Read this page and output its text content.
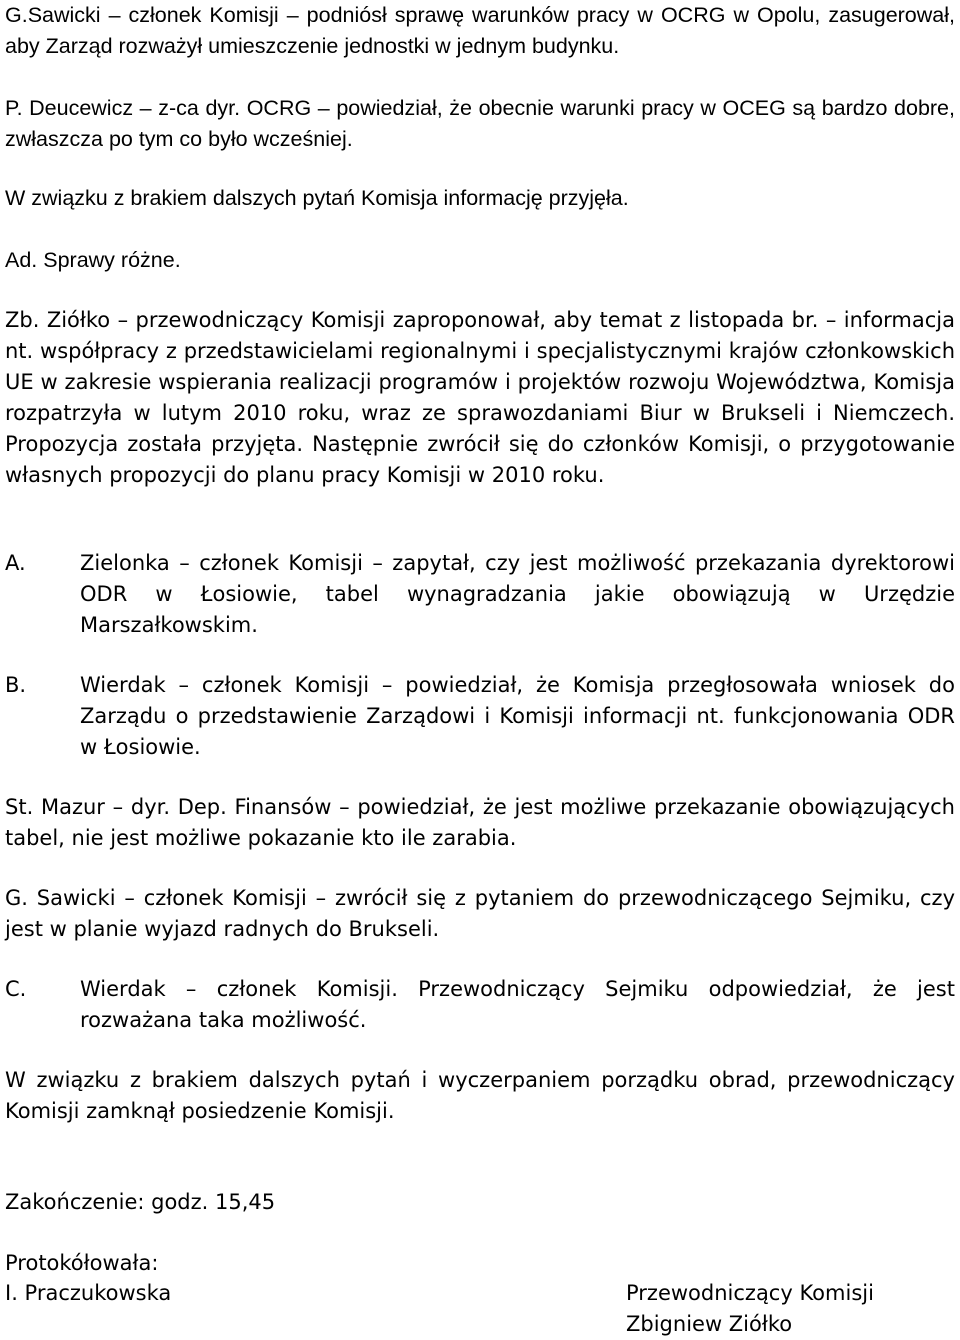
G.Sawicki – członek Komisji – podniósł sprawę warunków pracy w OCRG w Opolu, zasugerował, aby Zarząd rozważył umieszczenie jednostki w jednym budynku.

P. Deucewicz – z-ca dyr. OCRG – powiedział, że obecnie warunki pracy w OCEG są bardzo dobre, zwłaszcza po tym co było wcześniej.

W związku z brakiem dalszych pytań Komisja informację przyjęła.

Ad. Sprawy różne.

Zb. Ziółko – przewodniczący Komisji zaproponował, aby temat z listopada br. – informacja nt. współpracy z przedstawicielami regionalnymi i specjalistycznymi krajów członkowskich UE w zakresie wspierania realizacji programów i projektów rozwoju Województwa, Komisja rozpatrzyła w lutym 2010 roku, wraz ze sprawozdaniami Biur w Brukseli i Niemczech. Propozycja została przyjęta. Następnie zwrócił się do członków Komisji, o przygotowanie własnych propozycji do planu pracy Komisji w 2010 roku.

A.	Zielonka – członek Komisji – zapytał, czy jest możliwość przekazania dyrektorowi ODR w Łosiowie, tabel wynagradzania jakie obowiązują w Urzędzie Marszałkowskim.

B.	Wierdak – członek Komisji – powiedział, że Komisja przegłosowała wniosek do Zarządu o przedstawienie Zarządowi i Komisji informacji nt. funkcjonowania ODR w Łosiowie.

St. Mazur – dyr. Dep. Finansów – powiedział, że jest możliwe przekazanie obowiązujących tabel, nie jest możliwe pokazanie kto ile zarabia.

G. Sawicki – członek Komisji – zwrócił się z pytaniem do przewodniczącego Sejmiku, czy jest w planie wyjazd radnych do Brukseli.

C.	Wierdak – członek Komisji. Przewodniczący Sejmiku odpowiedział, że jest rozważana taka możliwość.

W związku z brakiem dalszych pytań i wyczerpaniem porządku obrad, przewodniczący Komisji zamknął posiedzenie Komisji.

Zakończenie: godz. 15,45

Protokółowała:
I. Praczukowska	Przewodniczący Komisji
Zbigniew Ziółko
